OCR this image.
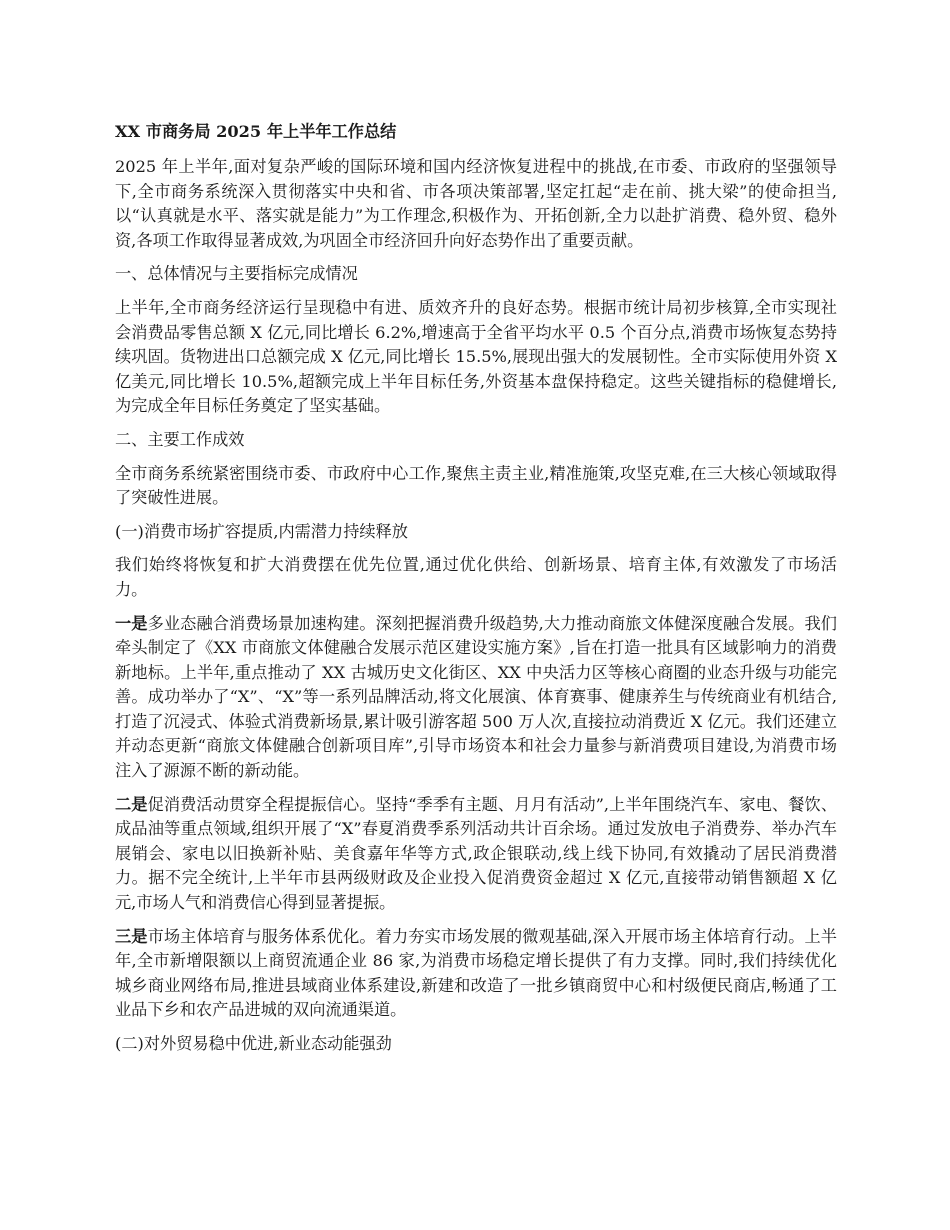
XX 市商务局 2025 年上半年工作总结

2025 年上半年,面对复杂严峻的国际环境和国内经济恢复进程中的挑战,在市委、市政府的坚强领导下,全市商务系统深入贯彻落实中央和省、市各项决策部署,坚定扛起“走在前、挑大梁”的使命担当,以“认真就是水平、落实就是能力”为工作理念,积极作为、开拓创新,全力以赴扩消费、稳外贸、稳外资,各项工作取得显著成效,为巩固全市经济回升向好态势作出了重要贡献。

一、总体情况与主要指标完成情况

上半年,全市商务经济运行呈现稳中有进、质效齐升的良好态势。根据市统计局初步核算,全市实现社会消费品零售总额 X 亿元,同比增长 6.2%,增速高于全省平均水平 0.5 个百分点,消费市场恢复态势持续巩固。货物进出口总额完成 X 亿元,同比增长 15.5%,展现出强大的发展韧性。全市实际使用外资 X 亿美元,同比增长 10.5%,超额完成上半年目标任务,外资基本盘保持稳定。这些关键指标的稳健增长,为完成全年目标任务奠定了坚实基础。

二、主要工作成效

全市商务系统紧密围绕市委、市政府中心工作,聚焦主责主业,精准施策,攻坚克难,在三大核心领域取得了突破性进展。

(一)消费市场扩容提质,内需潜力持续释放

我们始终将恢复和扩大消费摆在优先位置,通过优化供给、创新场景、培育主体,有效激发了市场活力。

一是多业态融合消费场景加速构建。深刻把握消费升级趋势,大力推动商旅文体健深度融合发展。我们牵头制定了《XX 市商旅文体健融合发展示范区建设实施方案》,旨在打造一批具有区域影响力的消费新地标。上半年,重点推动了 XX 古城历史文化街区、XX 中央活力区等核心商圈的业态升级与功能完善。成功举办了“X”、“X”等一系列品牌活动,将文化展演、体育赛事、健康养生与传统商业有机结合,打造了沉浸式、体验式消费新场景,累计吸引游客超 500 万人次,直接拉动消费近 X 亿元。我们还建立并动态更新“商旅文体健融合创新项目库”,引导市场资本和社会力量参与新消费项目建设,为消费市场注入了源源不断的新动能。

二是促消费活动贯穿全程提振信心。坚持“季季有主题、月月有活动”,上半年围绕汽车、家电、餐饮、成品油等重点领域,组织开展了“X”春夏消费季系列活动共计百余场。通过发放电子消费券、举办汽车展销会、家电以旧换新补贴、美食嘉年华等方式,政企银联动,线上线下协同,有效撬动了居民消费潜力。据不完全统计,上半年市县两级财政及企业投入促消费资金超过 X 亿元,直接带动销售额超 X 亿元,市场人气和消费信心得到显著提振。

三是市场主体培育与服务体系优化。着力夯实市场发展的微观基础,深入开展市场主体培育行动。上半年,全市新增限额以上商贸流通企业 86 家,为消费市场稳定增长提供了有力支撑。同时,我们持续优化城乡商业网络布局,推进县域商业体系建设,新建和改造了一批乡镇商贸中心和村级便民商店,畅通了工业品下乡和农产品进城的双向流通渠道。

(二)对外贸易稳中优进,新业态动能强劲
